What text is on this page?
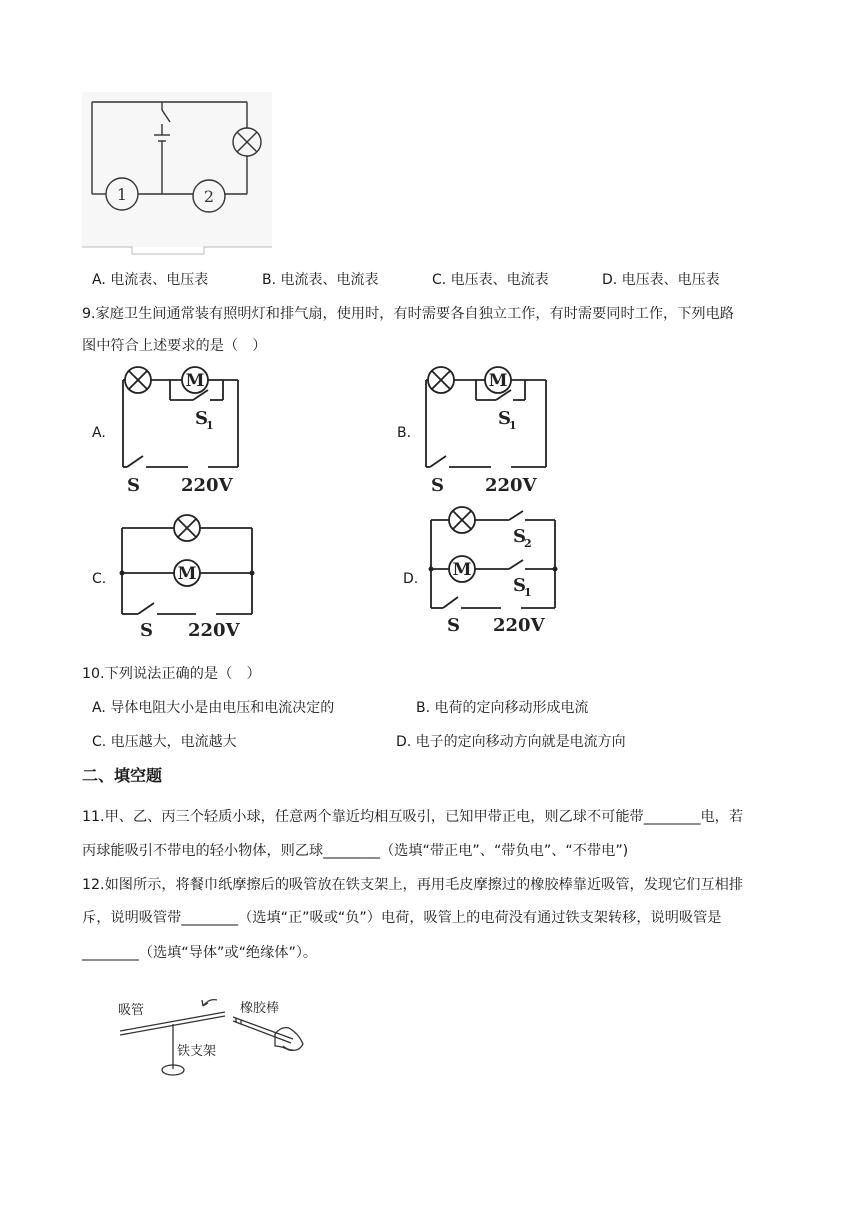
1	2
A. 电流表、电压表	B. 电流表、电流表	C. 电压表、电流表	D. 电压表、电压表
9.家庭卫生间通常装有照明灯和排气扇，使用时，有时需要各自独立工作，有时需要同时工作，下列电路
图中符合上述要求的是（　）
A.	B.
C.	D.
M
S
1
S 220V
M
S
1
S 220V
M
S 220V
M
S
2
S
1
S 220V
10.下列说法正确的是（　）
A. 导体电阻大小是由电压和电流决定的	B. 电荷的定向移动形成电流
C. 电压越大，电流越大	D. 电子的定向移动方向就是电流方向
二、填空题
11.甲、乙、丙三个轻质小球，任意两个靠近均相互吸引，已知甲带正电，则乙球不可能带________电，若
丙球能吸引不带电的轻小物体，则乙球________（选填“带正电”、“带负电”、“不带电”)
12.如图所示，将餐巾纸摩擦后的吸管放在铁支架上，再用毛皮摩擦过的橡胶棒靠近吸管，发现它们互相排
斥，说明吸管带________（选填“正”吸或“负”）电荷，吸管上的电荷没有通过铁支架转移，说明吸管是
________（选填“导体”或“绝缘体”）。
吸管	橡胶棒
铁支架
